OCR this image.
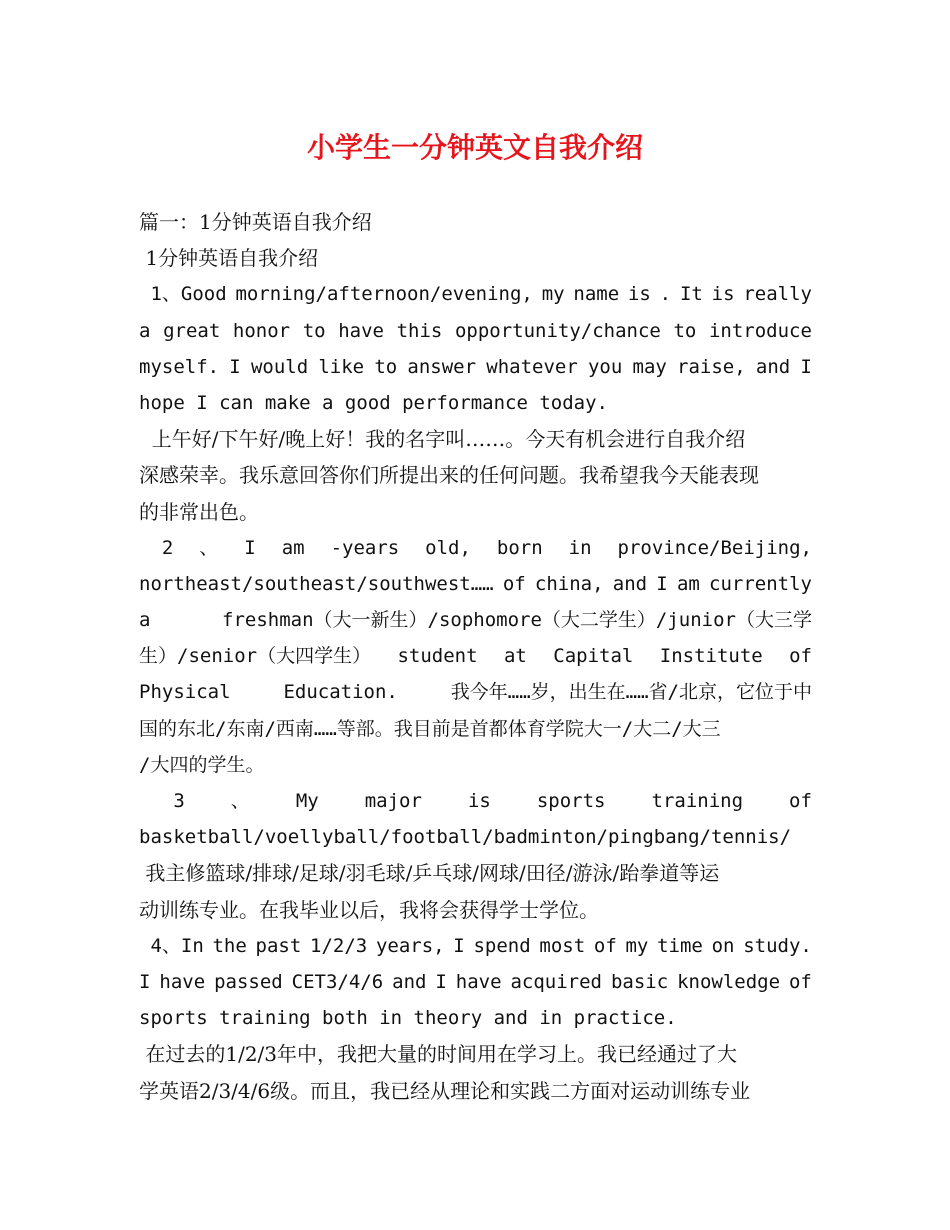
小学生一分钟英文自我介绍
篇一：1分钟英语自我介绍
1分钟英语自我介绍
1、Good morning/afternoon/evening, my name is . It is really
a great honor to have this opportunity/chance to introduce
myself. I would like to answer whatever you may raise, and I
hope I can make a good performance today.
上午好/下午好/晚上好！我的名字叫……。今天有机会进行自我介绍
深感荣幸。我乐意回答你们所提出来的任何问题。我希望我今天能表现
的非常出色。
2 、 I am -years old, born in province/Beijing,
northeast/southeast/southwest…… of china, and I am currently
a	freshman（大一新生）/sophomore（大二学生）/junior（大三学
生）/senior（大四学生） student at Capital Institute of
Physical	Education.	我今年……岁，出生在……省/北京，它位于中
国的东北/东南/西南……等部。我目前是首都体育学院大一/大二/大三
/大四的学生。
3 、 My major is sports training of
basketball/voellyball/football/badminton/pingbang/tennis/
我主修篮球/排球/足球/羽毛球/乒乓球/网球/田径/游泳/跆拳道等运
动训练专业。在我毕业以后，我将会获得学士学位。
4、In the past 1/2/3 years, I spend most of my time on study.
I have passed CET3/4/6 and I have acquired basic knowledge of
sports training both in theory and in practice.
在过去的1/2/3年中，我把大量的时间用在学习上。我已经通过了大
学英语2/3/4/6级。而且，我已经从理论和实践二方面对运动训练专业
